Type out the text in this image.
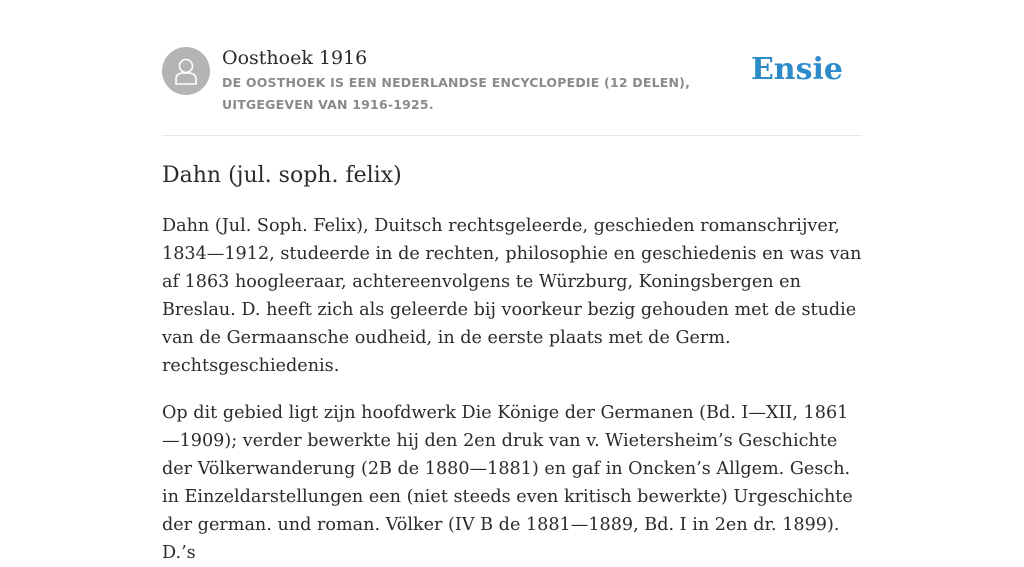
Oosthoek 1916

DE OOSTHOEK IS EEN NEDERLANDSE ENCYCLOPEDIE (12 DELEN), UITGEGEVEN VAN 1916-1925.

Ensie
Dahn (jul. soph. felix)

Dahn (Jul. Soph. Felix), Duitsch rechtsgeleerde, geschieden romanschrijver, 1834—1912, studeerde in de rechten, philosophie en geschiedenis en was van af 1863 hoogleeraar, achtereenvolgens te Würzburg, Koningsbergen en Breslau. D. heeft zich als geleerde bij voorkeur bezig gehouden met de studie van de Germaansche oudheid, in de eerste plaats met de Germ. rechtsgeschiedenis.

Op dit gebied ligt zijn hoofdwerk Die Könige der Germanen (Bd. I—XII, 1861 —1909); verder bewerkte hij den 2en druk van v. Wietersheim’s Geschichte der Völkerwanderung (2B de 1880—1881) en gaf in Oncken’s Allgem. Gesch. in Einzeldarstellungen een (niet steeds even kritisch bewerkte) Urgeschichte der german. und roman. Völker (IV B de 1881—1889, Bd. I in 2en dr. 1899). D.’s
